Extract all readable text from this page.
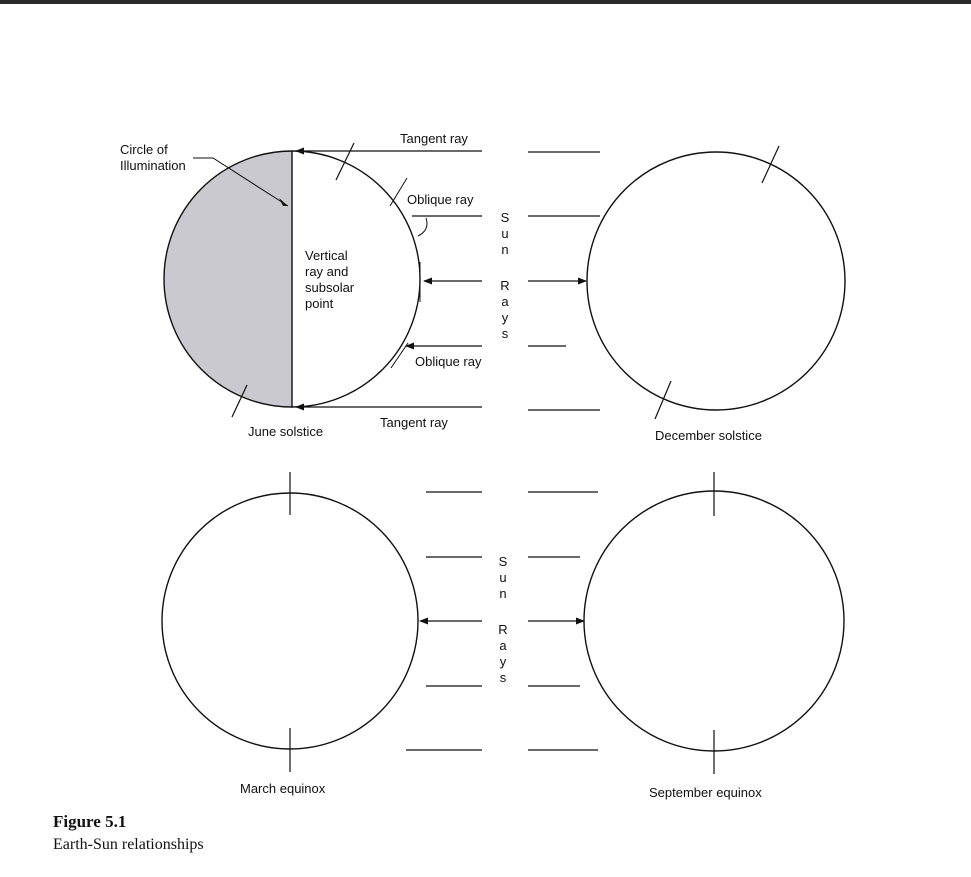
Circle of Illumination
Tangent ray
Oblique ray
Vertical ray and subsolar point
Oblique ray
Tangent ray
June solstice
S
u
n
R
a
y
s
December solstice
March equinox
S
u
n
R
a
y
s
September equinox
Figure 5.1
Earth-Sun relationships
